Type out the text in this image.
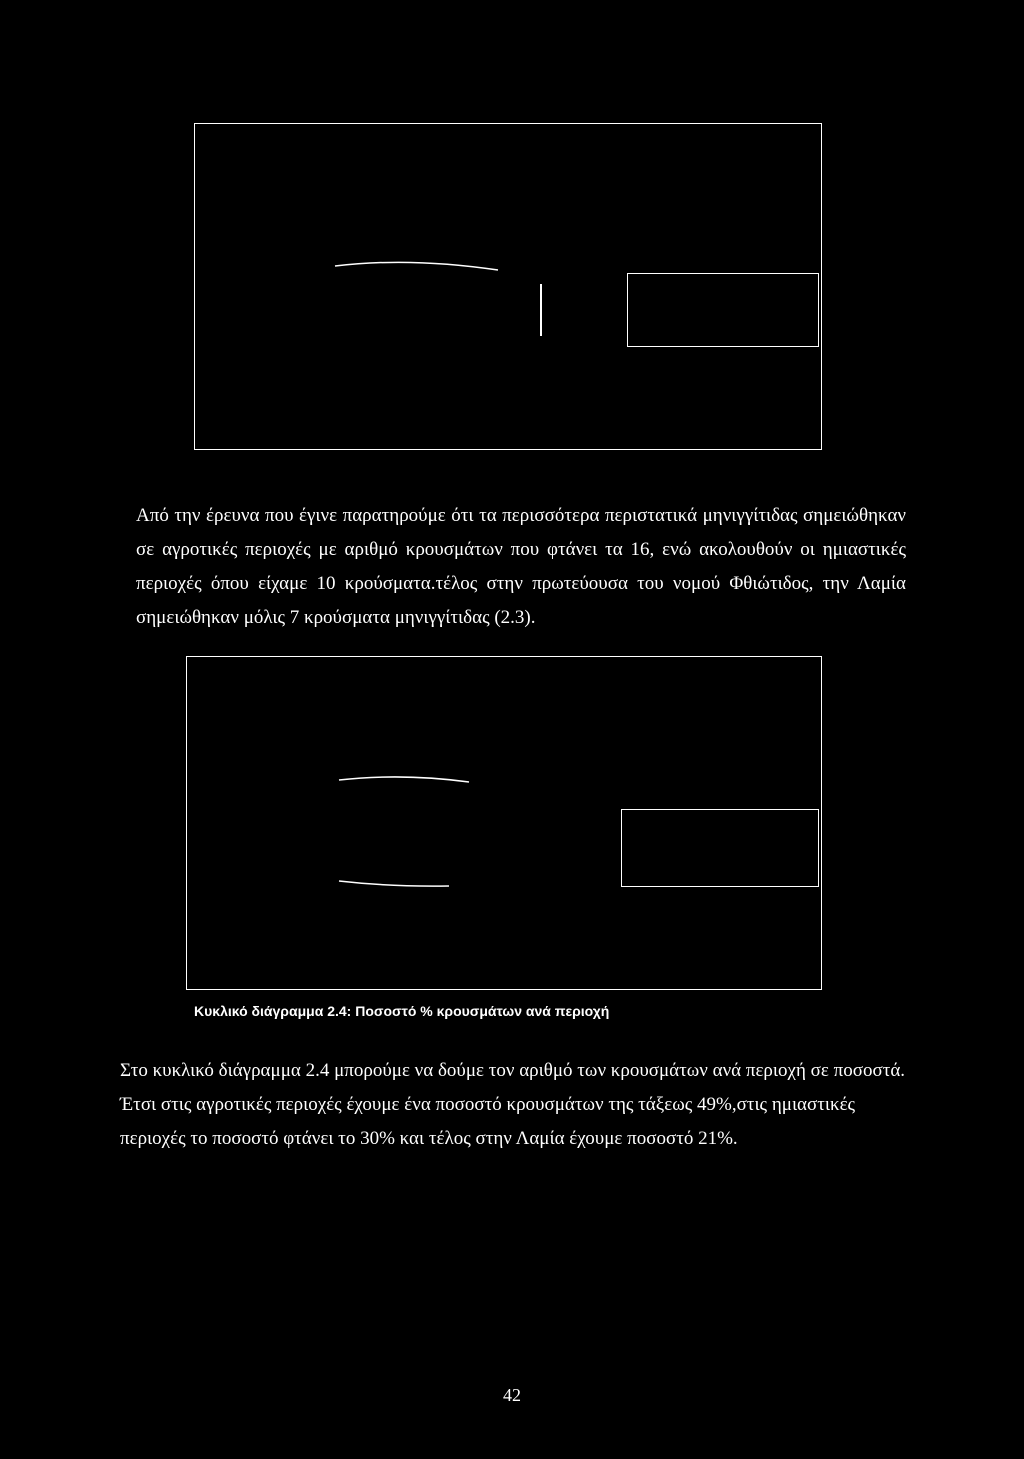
Από την έρευνα που έγινε παρατηρούμε ότι τα περισσότερα περιστατικά μηνιγγίτιδας σημειώθηκαν σε αγροτικές περιοχές με αριθμό κρουσμάτων που φτάνει τα 16, ενώ ακολουθούν οι ημιαστικές περιοχές όπου είχαμε 10 κρούσματα.τέλος στην πρωτεύουσα του νομού Φθιώτιδος, την Λαμία σημειώθηκαν μόλις 7 κρούσματα μηνιγγίτιδας (2.3).

Κυκλικό διάγραμμα 2.4: Ποσοστό % κρουσμάτων ανά περιοχή

Στο κυκλικό διάγραμμα 2.4 μπορούμε να δούμε τον αριθμό των κρουσμάτων ανά περιοχή σε ποσοστά. Έτσι στις αγροτικές περιοχές έχουμε ένα ποσοστό κρουσμάτων της τάξεως 49%,στις ημιαστικές περιοχές το ποσοστό φτάνει το 30% και τέλος στην Λαμία έχουμε ποσοστό 21%.

42
